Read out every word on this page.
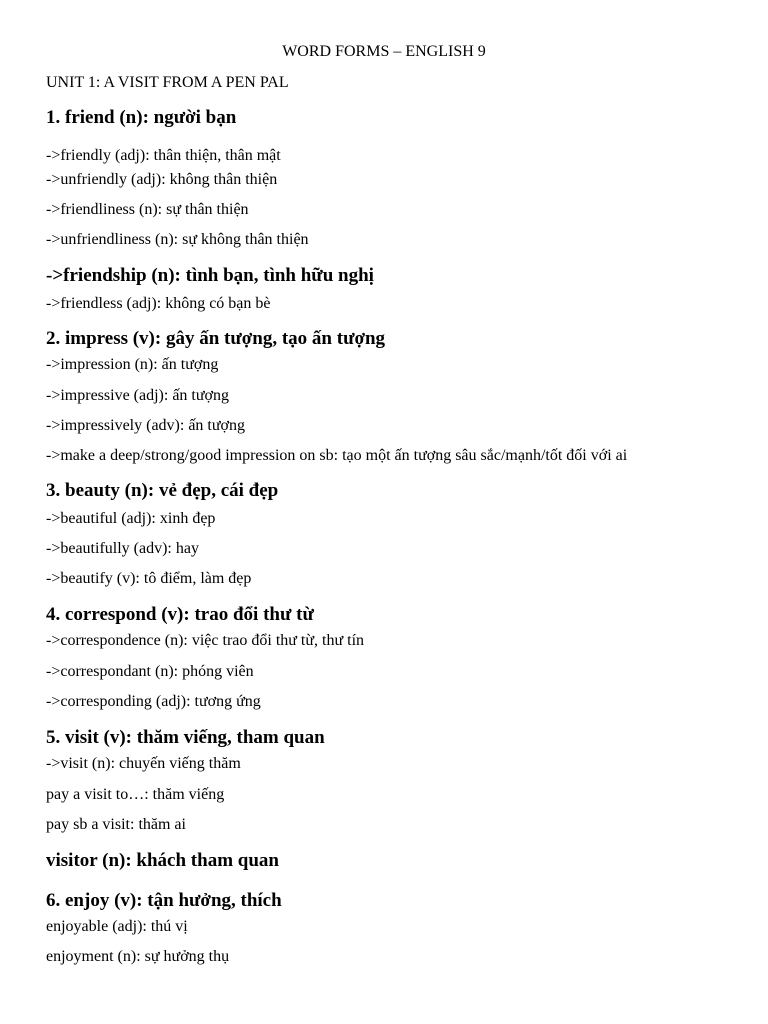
WORD FORMS – ENGLISH 9
UNIT 1: A VISIT FROM A PEN PAL
1. friend (n): người bạn
->friendly (adj): thân thiện, thân mật
->unfriendly (adj): không thân thiện
->friendliness (n): sự thân thiện
->unfriendliness (n): sự không thân thiện
->friendship (n): tình bạn, tình hữu nghị
->friendless (adj): không có bạn bè
2. impress (v): gây ấn tượng, tạo ấn tượng
->impression (n): ấn tượng
->impressive (adj): ấn tượng
->impressively (adv): ấn tượng
->make a deep/strong/good impression on sb: tạo một ấn tượng sâu sắc/mạnh/tốt đối với ai
3. beauty (n): vẻ đẹp, cái đẹp
->beautiful (adj): xinh đẹp
->beautifully (adv): hay
->beautify (v): tô điểm, làm đẹp
4. correspond (v): trao đổi thư từ
->correspondence (n): việc trao đổi thư từ, thư tín
->correspondant (n): phóng viên
->corresponding (adj): tương ứng
5. visit (v): thăm viếng, tham quan
->visit (n): chuyến viếng thăm
pay a visit to…: thăm viếng
pay sb a visit: thăm ai
visitor (n): khách tham quan
6. enjoy (v): tận hưởng, thích
enjoyable (adj): thú vị
enjoyment (n): sự hưởng thụ
